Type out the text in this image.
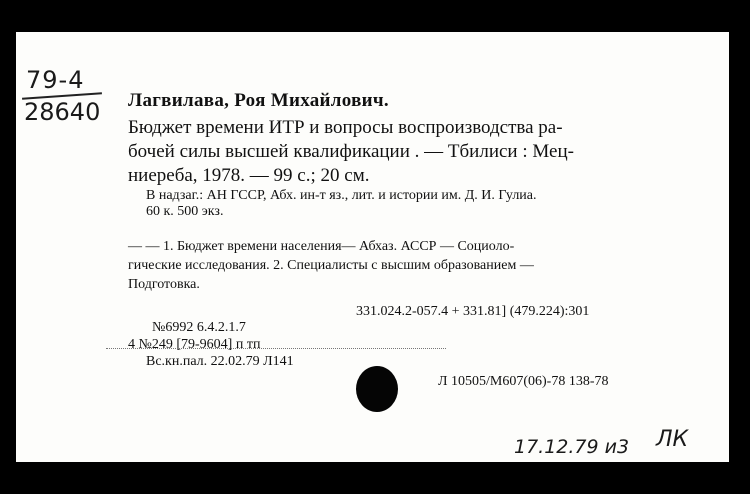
79-4
28640 Лагвилава, Роя Михайлович.
Бюджет времени ИТР и вопросы воспроизводства ра-
бочей силы высшей квалификации . — Тбилиси : Мец-
ниереба, 1978. — 99 с.; 20 см.
В надзаг.: АН ГССР, Абх. ин-т яз., лит. и истории им. Д. И. Гулиа.
60 к. 500 экз.
— — 1. Бюджет времени населения— Абхаз. АССР — Социоло-
гические исследования. 2. Специалисты с высшим образованием —
Подготовка.
331.024.2-057.4 + 331.81] (479.224):301
№6992 6.4.2.1.7
4 №249 [79-9604] п тп
Вс.кн.пал. 22.02.79 Л141
Л 10505/М607(06)-78 138-78
17.12.79 и3 ЛК
